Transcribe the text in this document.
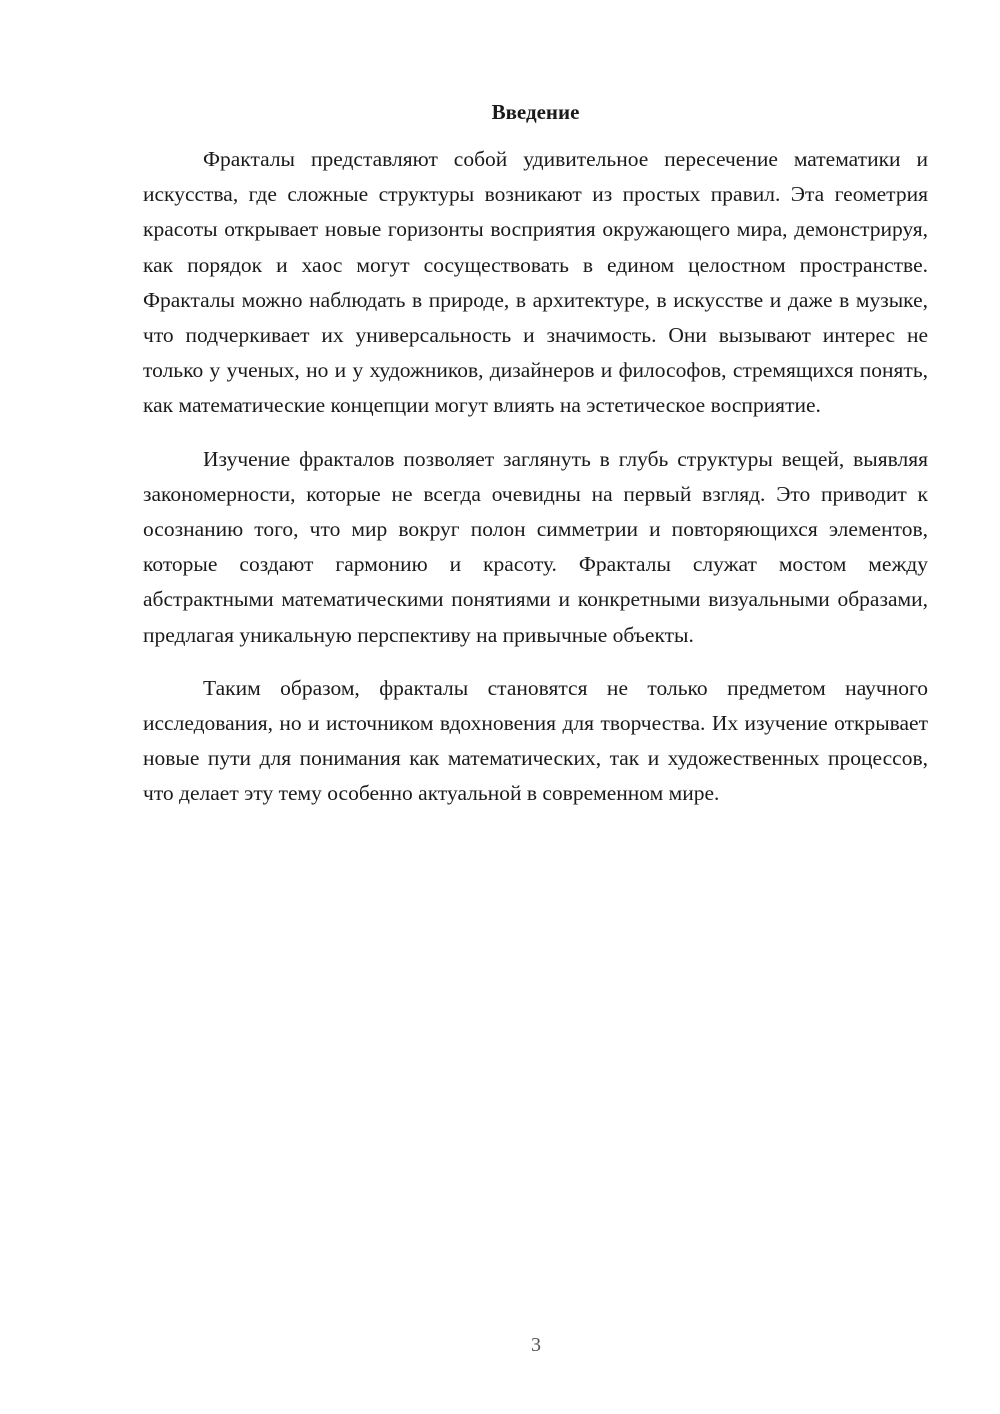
Введение

Фракталы представляют собой удивительное пересечение математики и искусства, где сложные структуры возникают из простых правил. Эта геометрия красоты открывает новые горизонты восприятия окружающего мира, демонстрируя, как порядок и хаос могут сосуществовать в едином целостном пространстве. Фракталы можно наблюдать в природе, в архитектуре, в искусстве и даже в музыке, что подчеркивает их универсальность и значимость. Они вызывают интерес не только у ученых, но и у художников, дизайнеров и философов, стремящихся понять, как математические концепции могут влиять на эстетическое восприятие.

Изучение фракталов позволяет заглянуть в глубь структуры вещей, выявляя закономерности, которые не всегда очевидны на первый взгляд. Это приводит к осознанию того, что мир вокруг полон симметрии и повторяющихся элементов, которые создают гармонию и красоту. Фракталы служат мостом между абстрактными математическими понятиями и конкретными визуальными образами, предлагая уникальную перспективу на привычные объекты.

Таким образом, фракталы становятся не только предметом научного исследования, но и источником вдохновения для творчества. Их изучение открывает новые пути для понимания как математических, так и художественных процессов, что делает эту тему особенно актуальной в современном мире.

3
